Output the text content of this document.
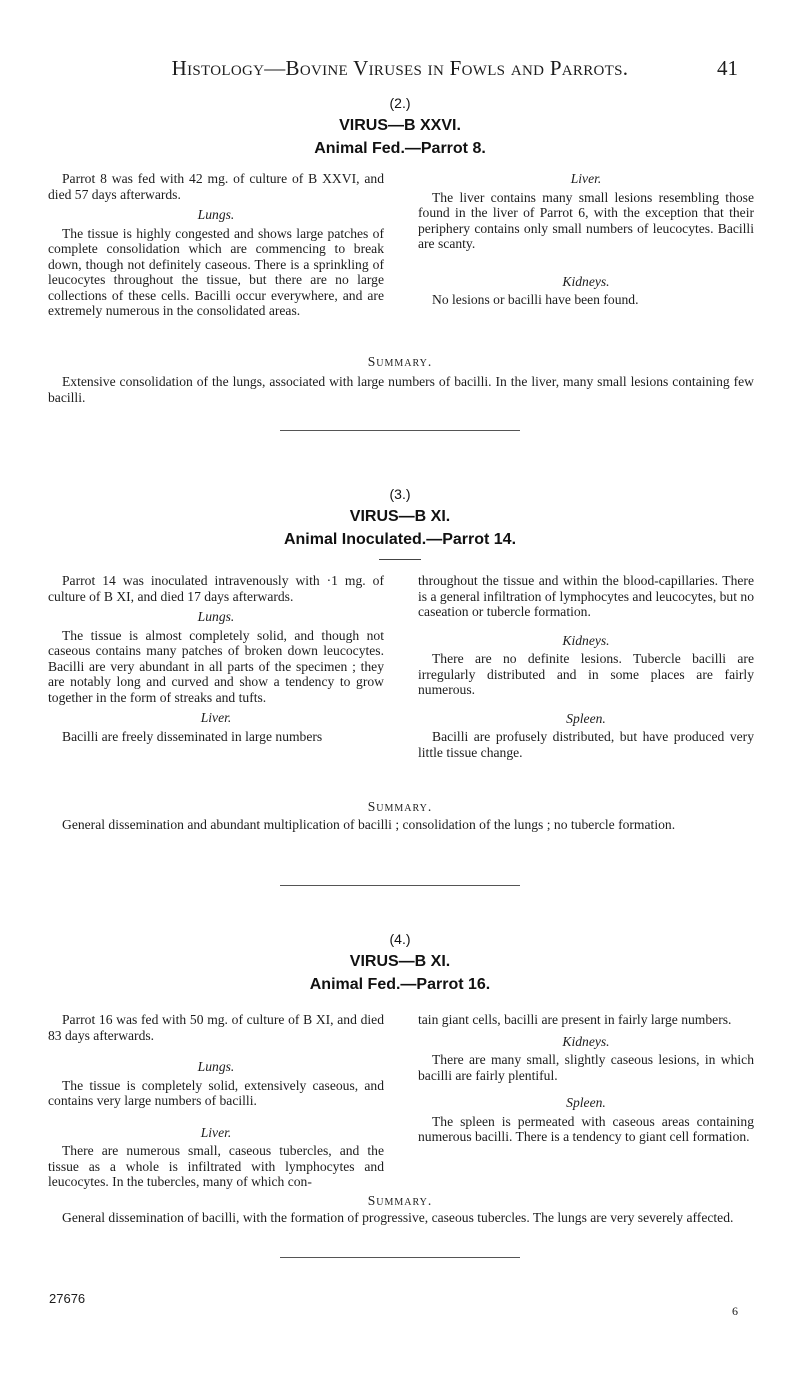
Histology—Bovine Viruses in Fowls and Parrots.	41
(2.)
VIRUS—B XXVI.
Animal Fed.—Parrot 8.

Parrot 8 was fed with 42 mg. of culture of B XXVI, and died 57 days afterwards.

Lungs.

The tissue is highly congested and shows large patches of complete consolidation which are commencing to break down, though not definitely caseous. There is a sprinkling of leucocytes throughout the tissue, but there are no large collections of these cells. Bacilli occur everywhere, and are extremely numerous in the consolidated areas.

Liver.

The liver contains many small lesions resembling those found in the liver of Parrot 6, with the exception that their periphery contains only small numbers of leucocytes. Bacilli are scanty.

Kidneys.

No lesions or bacilli have been found.

Summary.
Extensive consolidation of the lungs, associated with large numbers of bacilli. In the liver, many small lesions containing few bacilli.
(3.)
VIRUS—B XI.
Animal Inoculated.—Parrot 14.

Parrot 14 was inoculated intravenously with ·1 mg. of culture of B XI, and died 17 days afterwards.

Lungs.

The tissue is almost completely solid, and though not caseous contains many patches of broken down leucocytes. Bacilli are very abundant in all parts of the specimen ; they are notably long and curved and show a tendency to grow together in the form of streaks and tufts.

Liver.

Bacilli are freely disseminated in large numbers

throughout the tissue and within the blood-capillaries. There is a general infiltration of lymphocytes and leucocytes, but no caseation or tubercle formation.

Kidneys.

There are no definite lesions. Tubercle bacilli are irregularly distributed and in some places are fairly numerous.

Spleen.

Bacilli are profusely distributed, but have produced very little tissue change.

Summary.
General dissemination and abundant multiplication of bacilli ; consolidation of the lungs ; no tubercle formation.
(4.)
VIRUS—B XI.
Animal Fed.—Parrot 16.

Parrot 16 was fed with 50 mg. of culture of B XI, and died 83 days afterwards.

Lungs.

The tissue is completely solid, extensively caseous, and contains very large numbers of bacilli.

Liver.

There are numerous small, caseous tubercles, and the tissue as a whole is infiltrated with lymphocytes and leucocytes. In the tubercles, many of which con-

tain giant cells, bacilli are present in fairly large numbers.

Kidneys.

There are many small, slightly caseous lesions, in which bacilli are fairly plentiful.

Spleen.

The spleen is permeated with caseous areas containing numerous bacilli. There is a tendency to giant cell formation.

Summary.
General dissemination of bacilli, with the formation of progressive, caseous tubercles. The lungs are very severely affected.
27676
6
